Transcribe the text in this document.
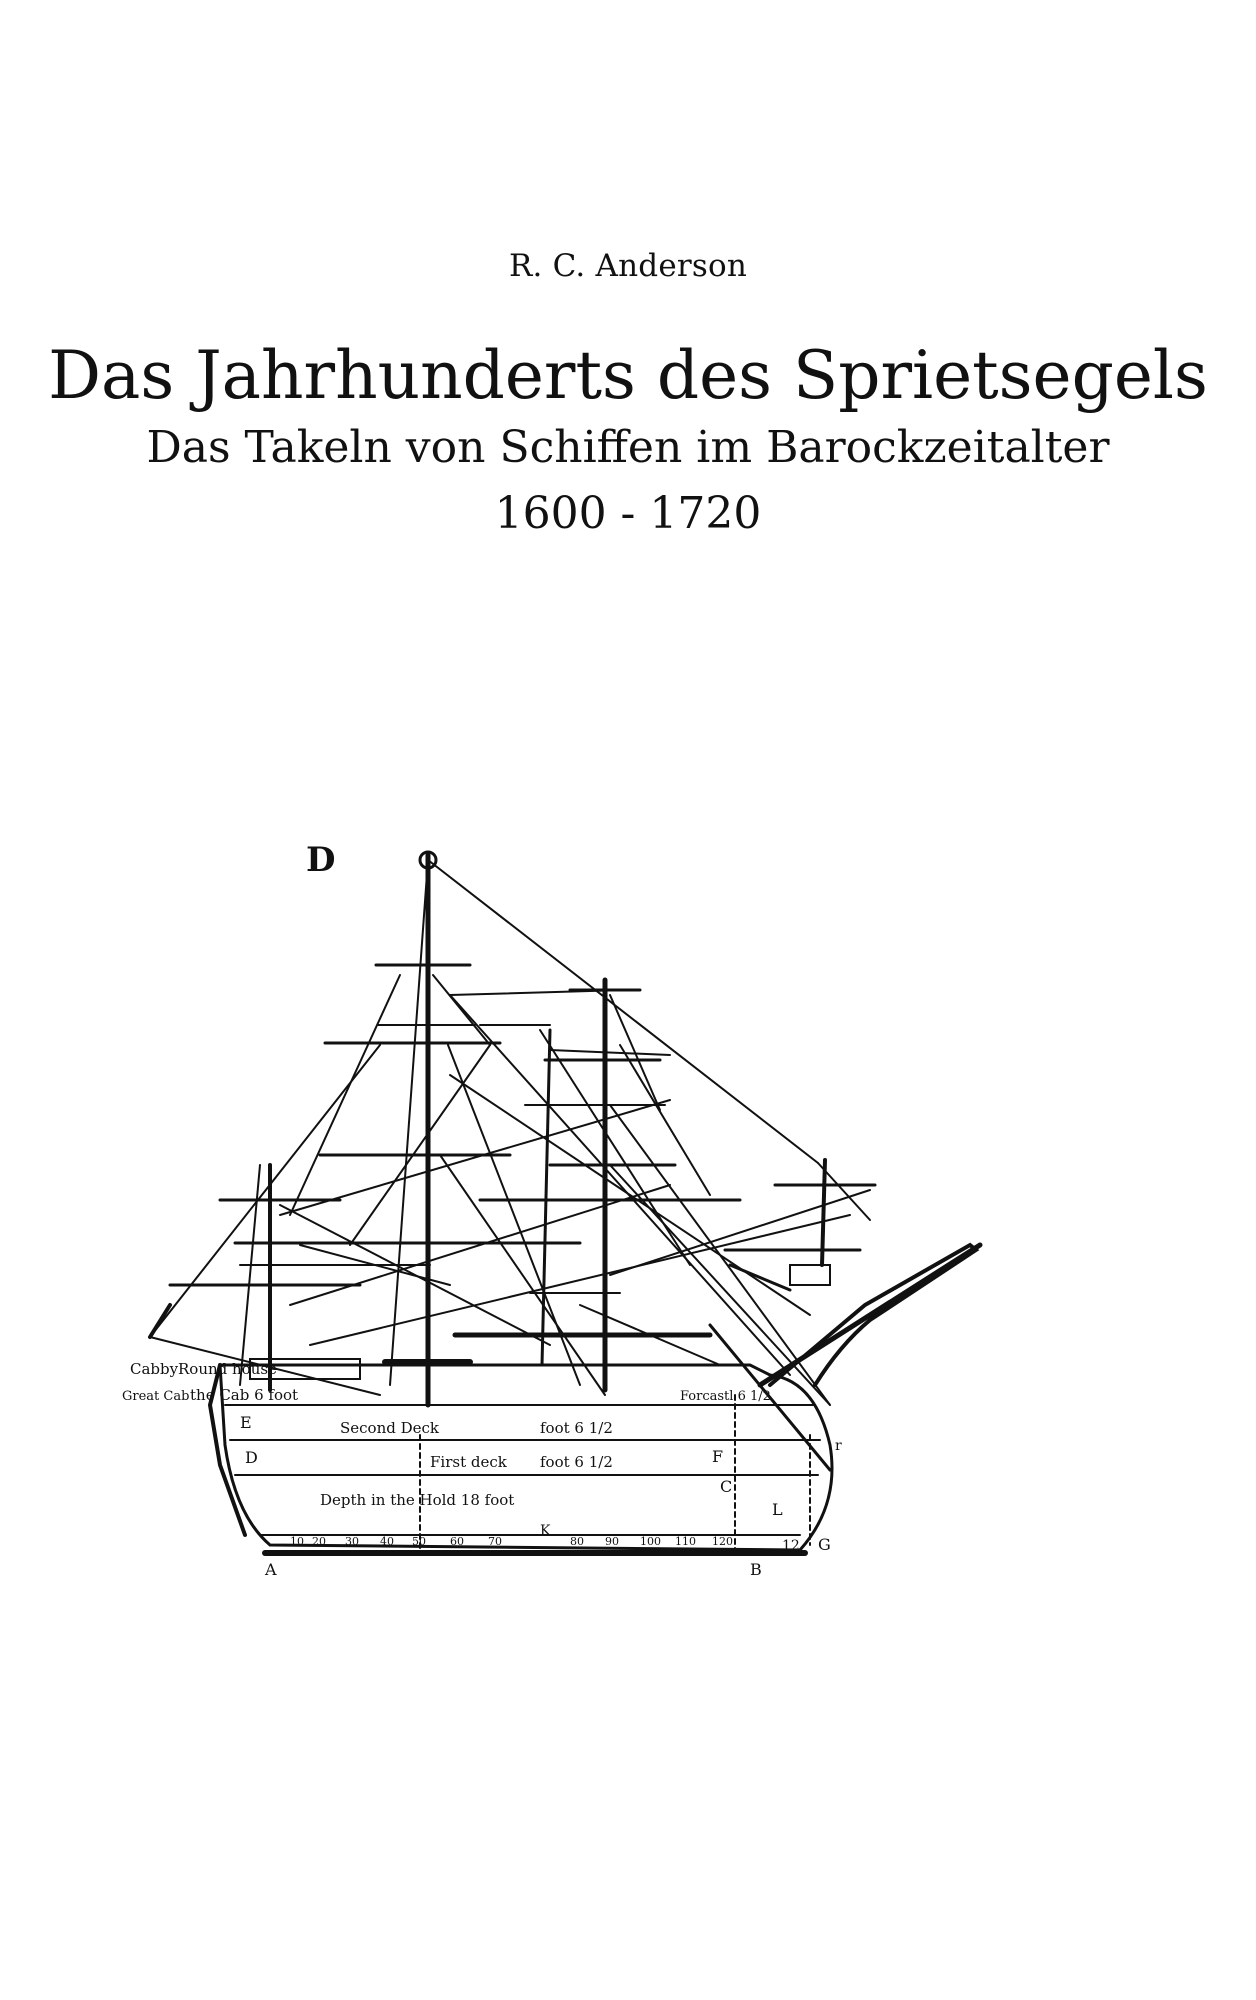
R. C. Anderson
Das Jahrhunderts des Sprietsegels
Das Takeln von Schiffen im Barockzeitalter
1600 - 1720
D
Cabby Round house
Great Cab the Cab 6 foot
E
D
Second Deck	foot 6 1/2
First deck foot 6 1/2
Depth in the Hold 18 foot
C
F
L
A	B
G
K
r
12
Forcastl 6 1/2
10 20 30 40 50 60 70	80 90 100 110 120
